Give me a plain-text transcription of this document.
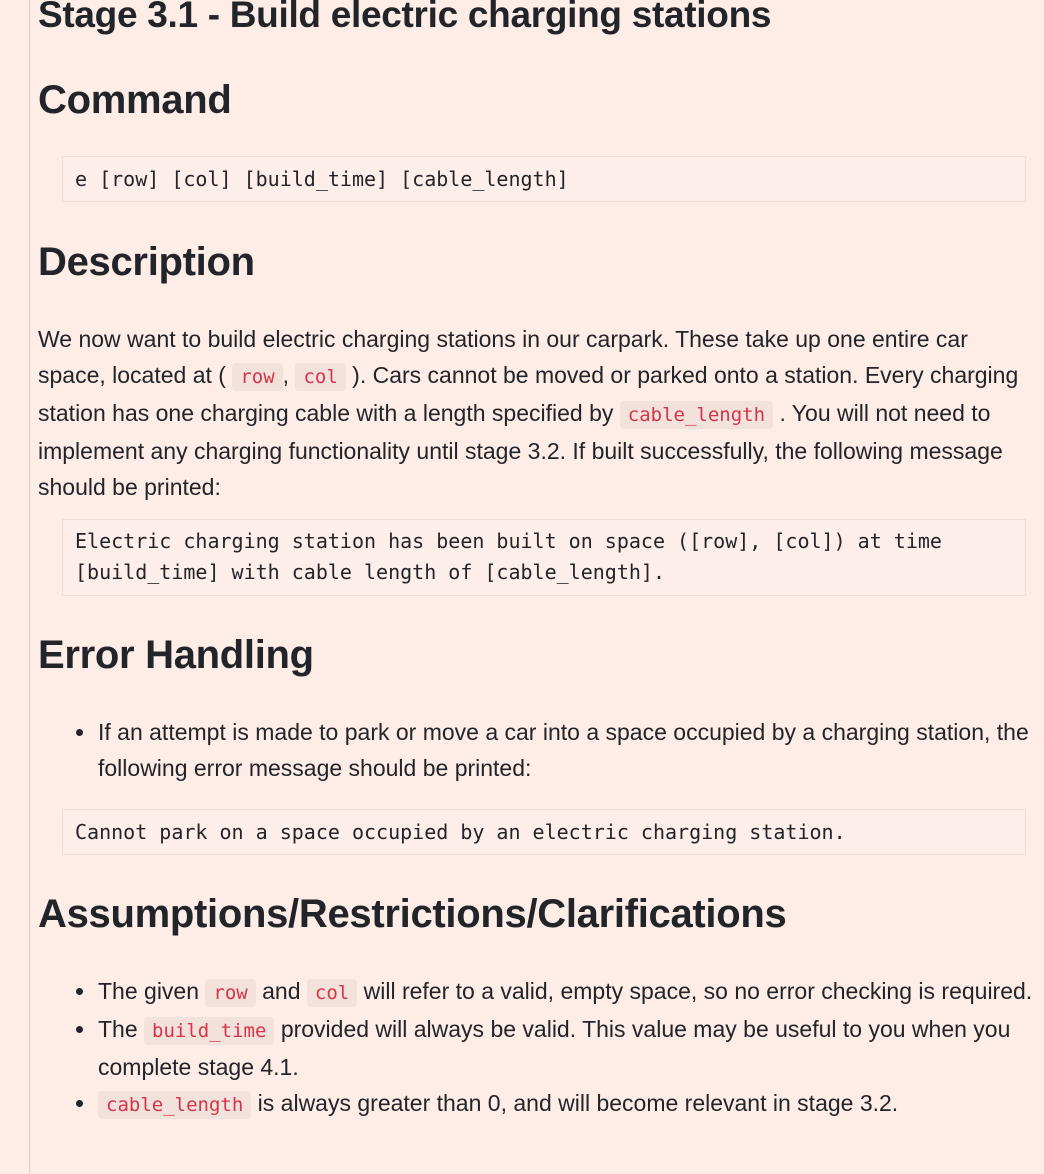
Stage 3.1 - Build electric charging stations
Command
e [row] [col] [build_time] [cable_length]
Description
We now want to build electric charging stations in our carpark. These take up one entire car space, located at ( row , col ). Cars cannot be moved or parked onto a station. Every charging station has one charging cable with a length specified by cable_length . You will not need to implement any charging functionality until stage 3.2. If built successfully, the following message should be printed:
Electric charging station has been built on space ([row], [col]) at time
[build_time] with cable length of [cable_length].
Error Handling
If an attempt is made to park or move a car into a space occupied by a charging station, the following error message should be printed:
Cannot park on a space occupied by an electric charging station.
Assumptions/Restrictions/Clarifications
The given row and col will refer to a valid, empty space, so no error checking is required.
The build_time provided will always be valid. This value may be useful to you when you complete stage 4.1.
cable_length is always greater than 0, and will become relevant in stage 3.2.
